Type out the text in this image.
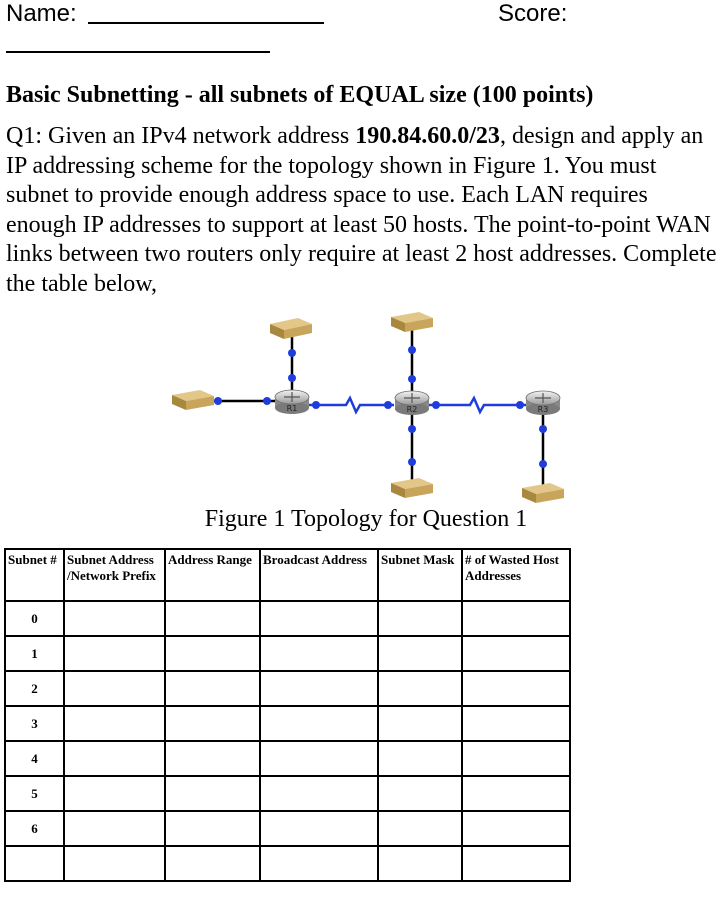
Name:	Score:
Basic Subnetting - all subnets of EQUAL size (100 points)

Q1: Given an IPv4 network address 190.84.60.0/23, design and apply an IP addressing scheme for the topology shown in Figure 1. You must subnet to provide enough address space to use. Each LAN requires enough IP addresses to support at least 50 hosts. The point-to-point WAN links between two routers only require at least 2 host addresses. Complete the table below,

R1	R2	R3

Figure 1 Topology for Question 1

Subnet #	Subnet Address /Network Prefix	Address Range	Broadcast Address	Subnet Mask	# of Wasted Host Addresses
0					
1					
2					
3					
4					
5					
6					
